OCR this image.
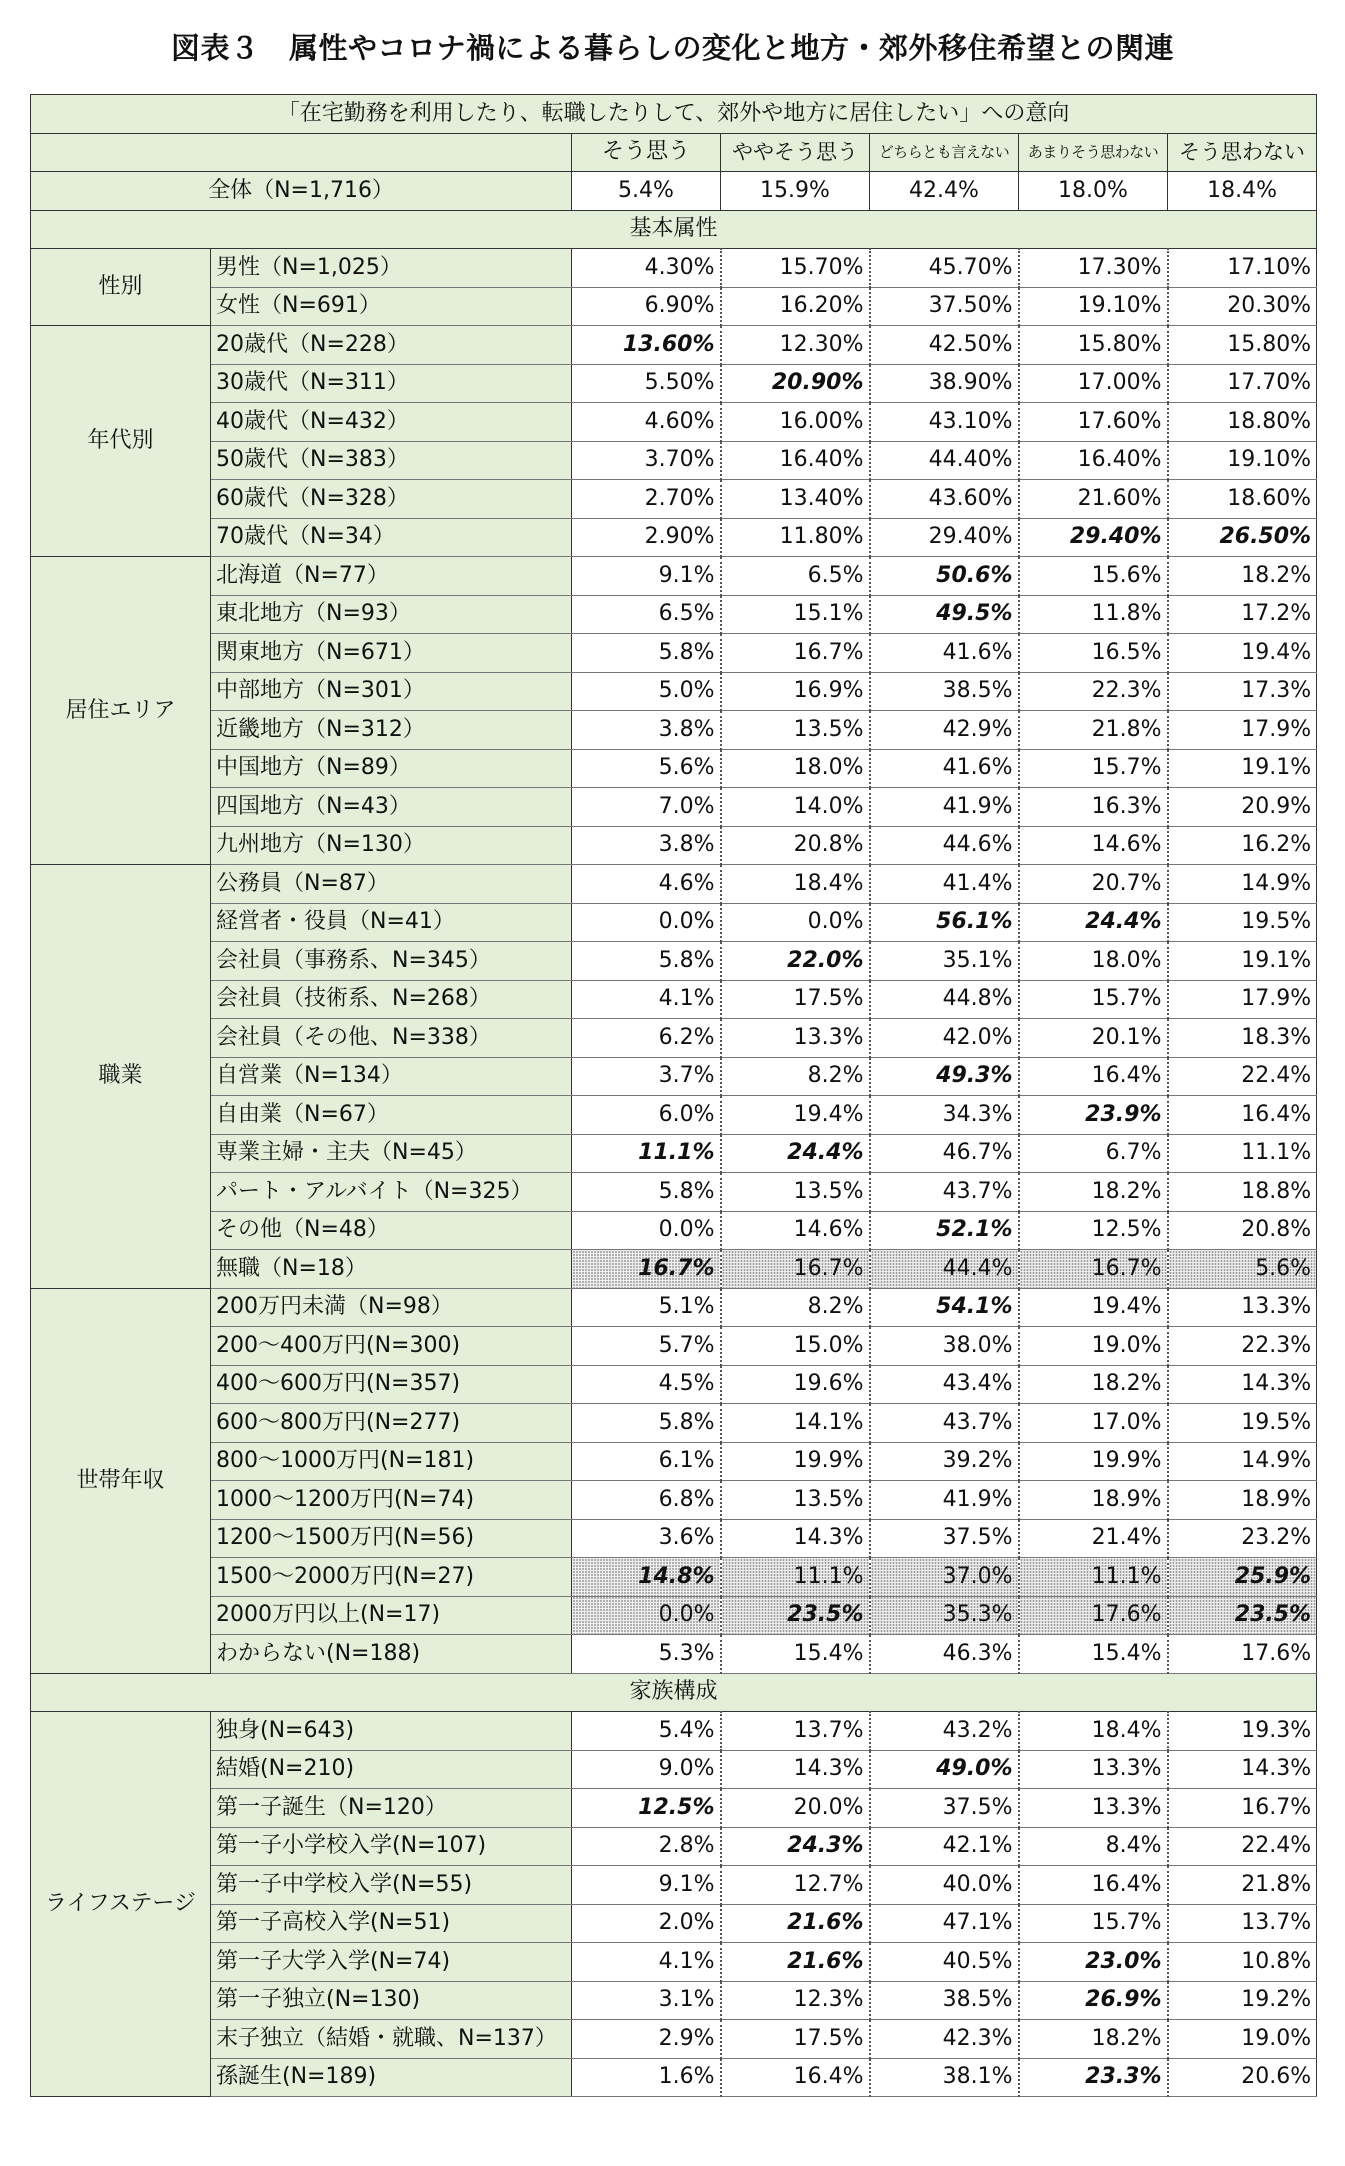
図表３　属性やコロナ禍による暮らしの変化と地方・郊外移住希望との関連
「在宅勤務を利用したり、転職したりして、郊外や地方に居住したい」への意向						
		そう思う	ややそう思う	どちらとも言えない	あまりそう思わない	そう思わない
全体（N=1,716）		5.4%	15.9%	42.4%	18.0%	18.4%
基本属性						
性別	男性（N=1,025）	4.30%	15.70%	45.70%	17.30%	17.10%
	女性（N=691）	6.90%	16.20%	37.50%	19.10%	20.30%
年代別	20歳代（N=228）	13.60%	12.30%	42.50%	15.80%	15.80%
	30歳代（N=311）	5.50%	20.90%	38.90%	17.00%	17.70%
	40歳代（N=432）	4.60%	16.00%	43.10%	17.60%	18.80%
	50歳代（N=383）	3.70%	16.40%	44.40%	16.40%	19.10%
	60歳代（N=328）	2.70%	13.40%	43.60%	21.60%	18.60%
	70歳代（N=34）	2.90%	11.80%	29.40%	29.40%	26.50%
居住エリア	北海道（N=77）	9.1%	6.5%	50.6%	15.6%	18.2%
	東北地方（N=93）	6.5%	15.1%	49.5%	11.8%	17.2%
	関東地方（N=671）	5.8%	16.7%	41.6%	16.5%	19.4%
	中部地方（N=301）	5.0%	16.9%	38.5%	22.3%	17.3%
	近畿地方（N=312）	3.8%	13.5%	42.9%	21.8%	17.9%
	中国地方（N=89）	5.6%	18.0%	41.6%	15.7%	19.1%
	四国地方（N=43）	7.0%	14.0%	41.9%	16.3%	20.9%
	九州地方（N=130）	3.8%	20.8%	44.6%	14.6%	16.2%
職業	公務員（N=87）	4.6%	18.4%	41.4%	20.7%	14.9%
	経営者・役員（N=41）	0.0%	0.0%	56.1%	24.4%	19.5%
	会社員（事務系、N=345）	5.8%	22.0%	35.1%	18.0%	19.1%
	会社員（技術系、N=268）	4.1%	17.5%	44.8%	15.7%	17.9%
	会社員（その他、N=338）	6.2%	13.3%	42.0%	20.1%	18.3%
	自営業（N=134）	3.7%	8.2%	49.3%	16.4%	22.4%
	自由業（N=67）	6.0%	19.4%	34.3%	23.9%	16.4%
	専業主婦・主夫（N=45）	11.1%	24.4%	46.7%	6.7%	11.1%
	パート・アルバイト（N=325）	5.8%	13.5%	43.7%	18.2%	18.8%
	その他（N=48）	0.0%	14.6%	52.1%	12.5%	20.8%
	無職（N=18）	16.7%	16.7%	44.4%	16.7%	5.6%
世帯年収	200万円未満（N=98）	5.1%	8.2%	54.1%	19.4%	13.3%
	200～400万円(N=300)	5.7%	15.0%	38.0%	19.0%	22.3%
	400～600万円(N=357)	4.5%	19.6%	43.4%	18.2%	14.3%
	600～800万円(N=277)	5.8%	14.1%	43.7%	17.0%	19.5%
	800～1000万円(N=181)	6.1%	19.9%	39.2%	19.9%	14.9%
	1000～1200万円(N=74)	6.8%	13.5%	41.9%	18.9%	18.9%
	1200～1500万円(N=56)	3.6%	14.3%	37.5%	21.4%	23.2%
	1500～2000万円(N=27)	14.8%	11.1%	37.0%	11.1%	25.9%
	2000万円以上(N=17)	0.0%	23.5%	35.3%	17.6%	23.5%
	わからない(N=188)	5.3%	15.4%	46.3%	15.4%	17.6%
家族構成						
ライフステージ	独身(N=643)	5.4%	13.7%	43.2%	18.4%	19.3%
	結婚(N=210)	9.0%	14.3%	49.0%	13.3%	14.3%
	第一子誕生（N=120）	12.5%	20.0%	37.5%	13.3%	16.7%
	第一子小学校入学(N=107)	2.8%	24.3%	42.1%	8.4%	22.4%
	第一子中学校入学(N=55)	9.1%	12.7%	40.0%	16.4%	21.8%
	第一子高校入学(N=51)	2.0%	21.6%	47.1%	15.7%	13.7%
	第一子大学入学(N=74)	4.1%	21.6%	40.5%	23.0%	10.8%
	第一子独立(N=130)	3.1%	12.3%	38.5%	26.9%	19.2%
	末子独立（結婚・就職、N=137）	2.9%	17.5%	42.3%	18.2%	19.0%
	孫誕生(N=189)	1.6%	16.4%	38.1%	23.3%	20.6%
